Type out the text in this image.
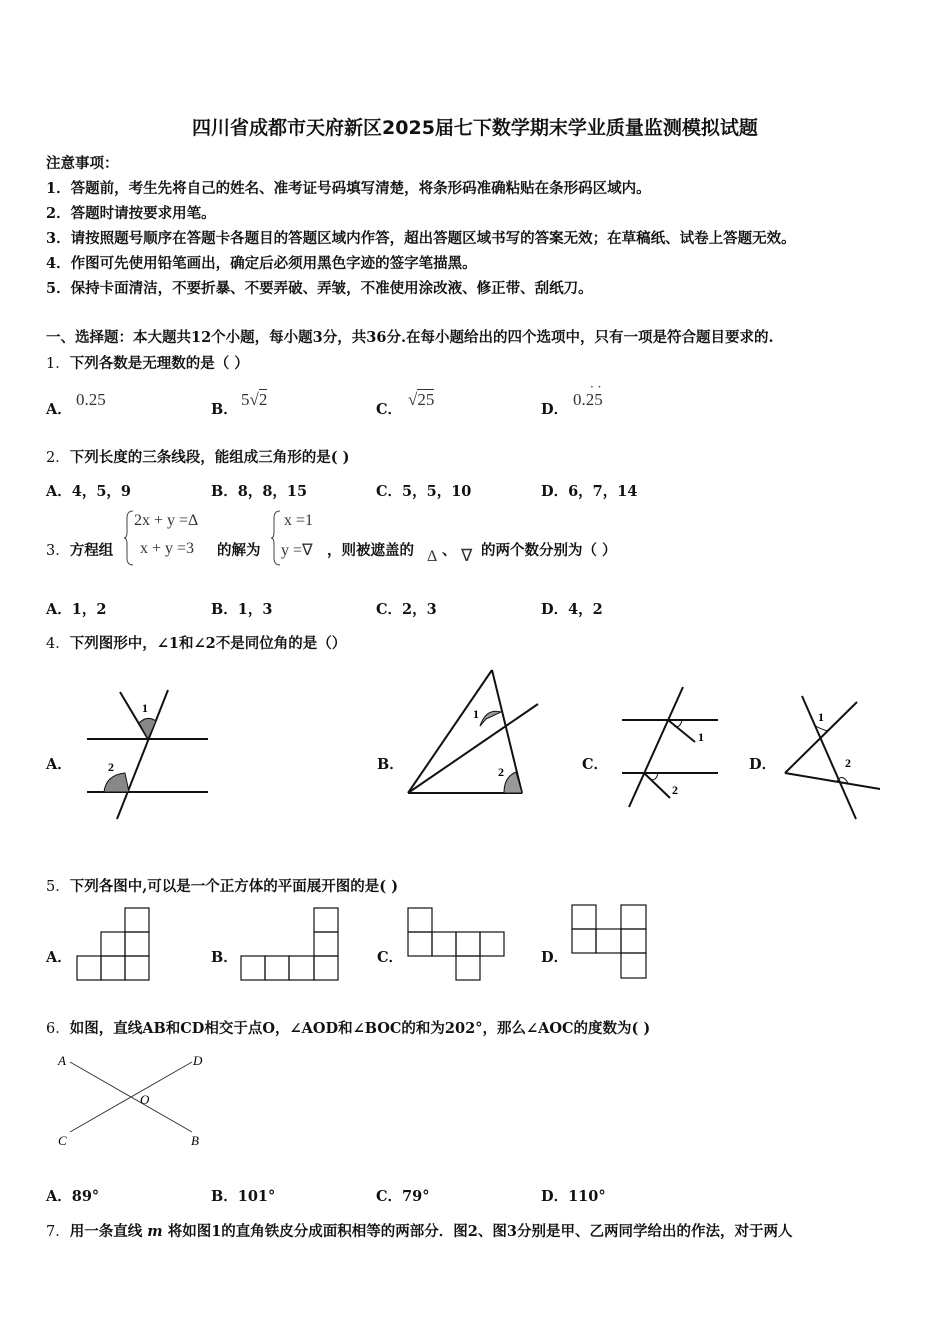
四川省成都市天府新区2025届七下数学期末学业质量监测模拟试题
注意事项：
1．答题前，考生先将自己的姓名、准考证号码填写清楚，将条形码准确粘贴在条形码区域内。
2．答题时请按要求用笔。
3．请按照题号顺序在答题卡各题目的答题区域内作答，超出答题区域书写的答案无效；在草稿纸、试卷上答题无效。
4．作图可先使用铅笔画出，确定后必须用黑色字迹的签字笔描黑。
5．保持卡面清洁，不要折暴、不要弄破、弄皱，不准使用涂改液、修正带、刮纸刀。
一、选择题：本大题共12个小题，每小题3分，共36分.在每小题给出的四个选项中，只有一项是符合题目要求的.
1．下列各数是无理数的是（ ）
A．
0.25
B．
5√2
C．
√25
D．
0.25
· ·
2．下列长度的三条线段，能组成三角形的是( )
A．4，5，9	B．8，8，15	C．5，5，10	D．6，7，14
3．方程组
2x + y =Δ
x + y =3 的解为
x =1
y =∇ ，则被遮盖的 Δ 、 ∇ 的两个数分别为（ ）
A．1，2	B．1，3	C．2，3	D．4，2
4．下列图形中，∠1和∠2不是同位角的是（）
A．	B．	C．	D．
1
2
1
2
1
2
1
2
5．下列各图中,可以是一个正方体的平面展开图的是( )
A．	B．	C．	D．
6．如图，直线AB和CD相交于点O，∠AOD和∠BOC的和为202°，那么∠AOC的度数为( )
A	D
O
C	B
A．89°	B．101°	C．79°	D．110°
7．用一条直线 m 将如图1的直角铁皮分成面积相等的两部分．图2、图3分别是甲、乙两同学给出的作法，对于两人
